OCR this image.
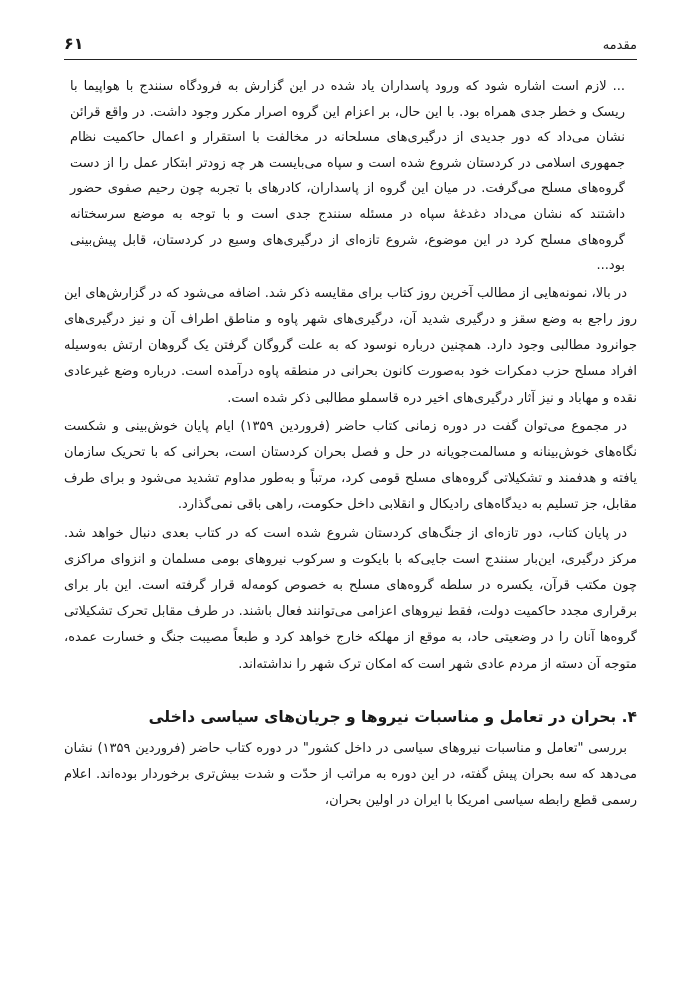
مقدمه
۶۱

... لازم است اشاره شود که ورود پاسداران یاد شده در این گزارش به فرودگاه سنندج با هواپیما با ریسک و خطر جدی همراه بود. با این حال، بر اعزام این گروه اصرار مکرر وجود داشت. در واقع قرائن نشان می‌داد که دور جدیدی از درگیری‌های مسلحانه در مخالفت با استقرار و اعمال حاکمیت نظام جمهوری اسلامی در کردستان شروع شده است و سپاه می‌بایست هر چه زودتر ابتکار عمل را از دست گروه‌های مسلح می‌گرفت. در میان این گروه از پاسداران، کادرهای با تجربه چون رحیم صفوی حضور داشتند که نشان می‌داد دغدغهٔ سپاه در مسئله سنندج جدی است و با توجه به موضع سرسختانه گروه‌های مسلح کرد در این موضوع، شروع تازه‌ای از درگیری‌های وسیع در کردستان، قابل پیش‌بینی بود...

در بالا، نمونه‌هایی از مطالب آخرین روز کتاب برای مقایسه ذکر شد. اضافه می‌شود که در گزارش‌های این روز راجع به وضع سقز و درگیری شدید آن، درگیری‌های شهر پاوه و مناطق اطراف آن و نیز درگیری‌های جوانرود مطالبی وجود دارد. همچنین درباره نوسود که به علت گروگان گرفتن یک گروهان ارتش به‌وسیله افراد مسلح حزب دمکرات خود به‌صورت کانون بحرانی در منطقه پاوه درآمده است. درباره وضع غیرعادی نقده و مهاباد و نیز آثار درگیری‌های اخیر دره قاسملو مطالبی ذکر شده است.

در مجموع می‌توان گفت در دوره زمانی کتاب حاضر (فروردین ۱۳۵۹) ایام پایان خوش‌بینی و شکست نگاه‌های خوش‌بینانه و مسالمت‌جویانه در حل و فصل بحران کردستان است، بحرانی که با تحریک سازمان یافته و هدفمند و تشکیلاتی گروه‌های مسلح قومی کرد، مرتباً و به‌طور مداوم تشدید می‌شود و برای طرف مقابل، جز تسلیم به دیدگاه‌های رادیکال و انقلابی داخل حکومت، راهی باقی نمی‌گذارد.

در پایان کتاب، دور تازه‌ای از جنگ‌های کردستان شروع شده است که در کتاب بعدی دنبال خواهد شد. مرکز درگیری، این‌بار سنندج است جایی‌که با بایکوت و سرکوب نیروهای بومی مسلمان و انزوای مراکزی چون مکتب قرآن، یکسره در سلطه گروه‌های مسلح به خصوص کومه‌له قرار گرفته است. این بار برای برقراری مجدد حاکمیت دولت، فقط نیروهای اعزامی می‌توانند فعال باشند. در طرف مقابل تحرک تشکیلاتی گروه‌ها آنان را در وضعیتی حاد، به موقع از مهلکه خارج خواهد کرد و طبعاً مصیبت جنگ و خسارت عمده، متوجه آن دسته از مردم عادی شهر است که امکان ترک شهر را نداشته‌اند.

۴. بحران در تعامل و مناسبات نیروها و جریان‌های سیاسی داخلی

بررسی "تعامل و مناسبات نیروهای سیاسی در داخل کشور" در دوره کتاب حاضر (فروردین ۱۳۵۹) نشان می‌دهد که سه بحران پیش گفته، در این دوره به مراتب از حدّت و شدت بیش‌تری برخوردار بوده‌اند. اعلام رسمی قطع رابطه سیاسی امریکا با ایران در اولین بحران،
